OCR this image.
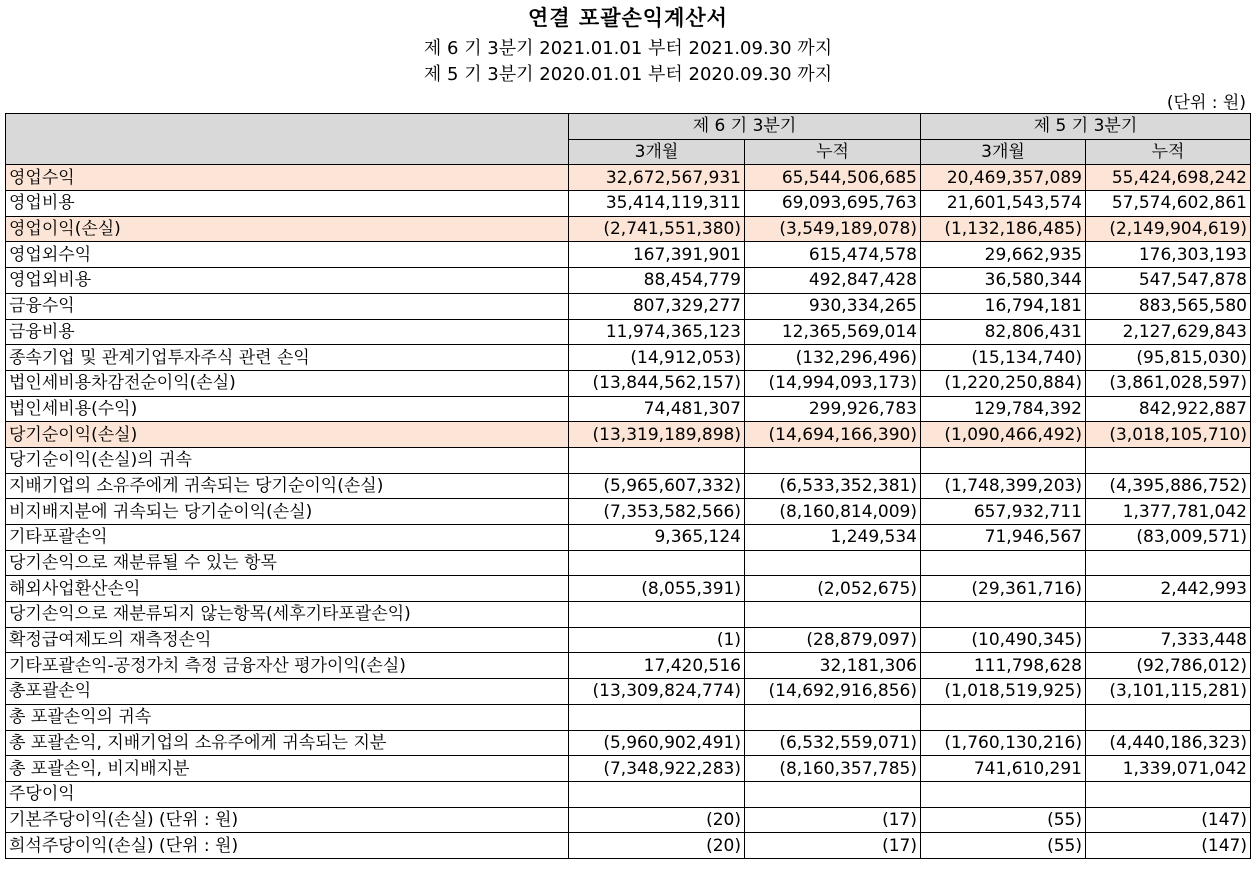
연결 포괄손익계산서
제 6 기 3분기 2021.01.01 부터 2021.09.30 까지
제 5 기 3분기 2020.01.01 부터 2020.09.30 까지
(단위 : 원)
	제 6 기 3분기		제 5 기 3분기	
	3개월	누적	3개월	누적
영업수익	32,672,567,931	65,544,506,685	20,469,357,089	55,424,698,242
영업비용	35,414,119,311	69,093,695,763	21,601,543,574	57,574,602,861
영업이익(손실)	(2,741,551,380)	(3,549,189,078)	(1,132,186,485)	(2,149,904,619)
영업외수익	167,391,901	615,474,578	29,662,935	176,303,193
영업외비용	88,454,779	492,847,428	36,580,344	547,547,878
금융수익	807,329,277	930,334,265	16,794,181	883,565,580
금융비용	11,974,365,123	12,365,569,014	82,806,431	2,127,629,843
종속기업 및 관계기업투자주식 관련 손익	(14,912,053)	(132,296,496)	(15,134,740)	(95,815,030)
법인세비용차감전순이익(손실)	(13,844,562,157)	(14,994,093,173)	(1,220,250,884)	(3,861,028,597)
법인세비용(수익)	74,481,307	299,926,783	129,784,392	842,922,887
당기순이익(손실)	(13,319,189,898)	(14,694,166,390)	(1,090,466,492)	(3,018,105,710)
당기순이익(손실)의 귀속				
지배기업의 소유주에게 귀속되는 당기순이익(손실)	(5,965,607,332)	(6,533,352,381)	(1,748,399,203)	(4,395,886,752)
비지배지분에 귀속되는 당기순이익(손실)	(7,353,582,566)	(8,160,814,009)	657,932,711	1,377,781,042
기타포괄손익	9,365,124	1,249,534	71,946,567	(83,009,571)
당기손익으로 재분류될 수 있는 항목				
해외사업환산손익	(8,055,391)	(2,052,675)	(29,361,716)	2,442,993
당기손익으로 재분류되지 않는항목(세후기타포괄손익)				
확정급여제도의 재측정손익	(1)	(28,879,097)	(10,490,345)	7,333,448
기타포괄손익-공정가치 측정 금융자산 평가이익(손실)	17,420,516	32,181,306	111,798,628	(92,786,012)
총포괄손익	(13,309,824,774)	(14,692,916,856)	(1,018,519,925)	(3,101,115,281)
총 포괄손익의 귀속				
총 포괄손익, 지배기업의 소유주에게 귀속되는 지분	(5,960,902,491)	(6,532,559,071)	(1,760,130,216)	(4,440,186,323)
총 포괄손익, 비지배지분	(7,348,922,283)	(8,160,357,785)	741,610,291	1,339,071,042
주당이익				
기본주당이익(손실) (단위 : 원)	(20)	(17)	(55)	(147)
희석주당이익(손실) (단위 : 원)	(20)	(17)	(55)	(147)
